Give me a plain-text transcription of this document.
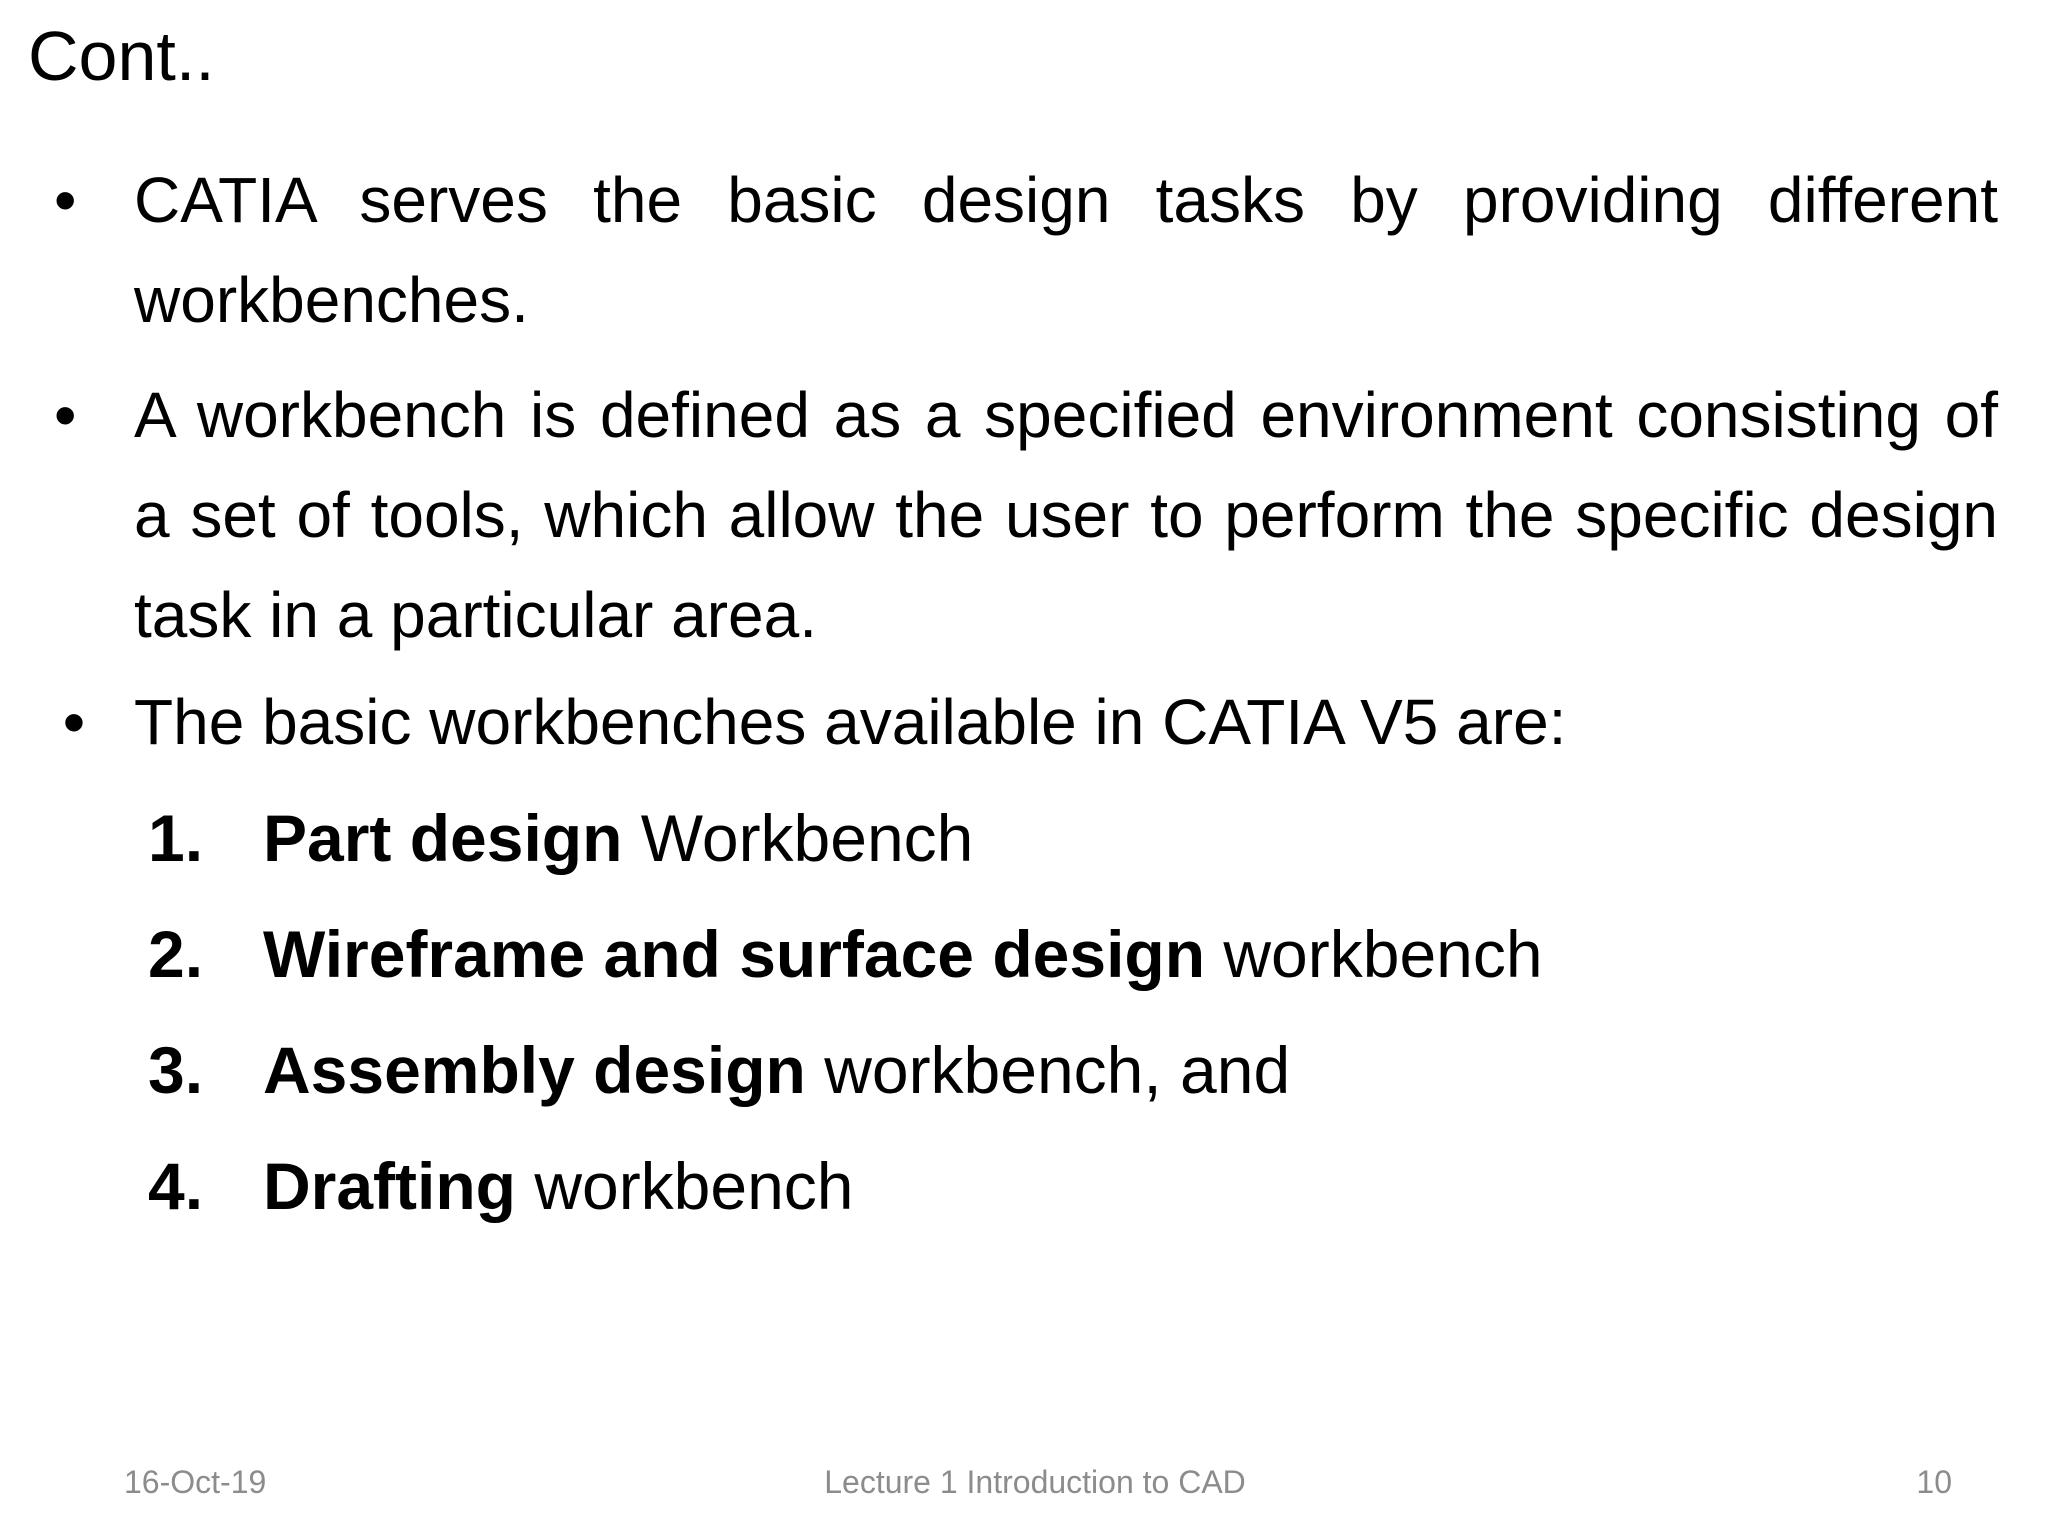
Cont..
• CATIA serves the basic design tasks by providing different workbenches.
• A workbench is defined as a specified environment consisting of a set of tools, which allow the user to perform the specific design task in a particular area.
• The basic workbenches available in CATIA V5 are:
1. Part design Workbench
2. Wireframe and surface design workbench
3. Assembly design workbench, and
4. Drafting workbench
16-Oct-19	Lecture 1 Introduction to CAD	10
